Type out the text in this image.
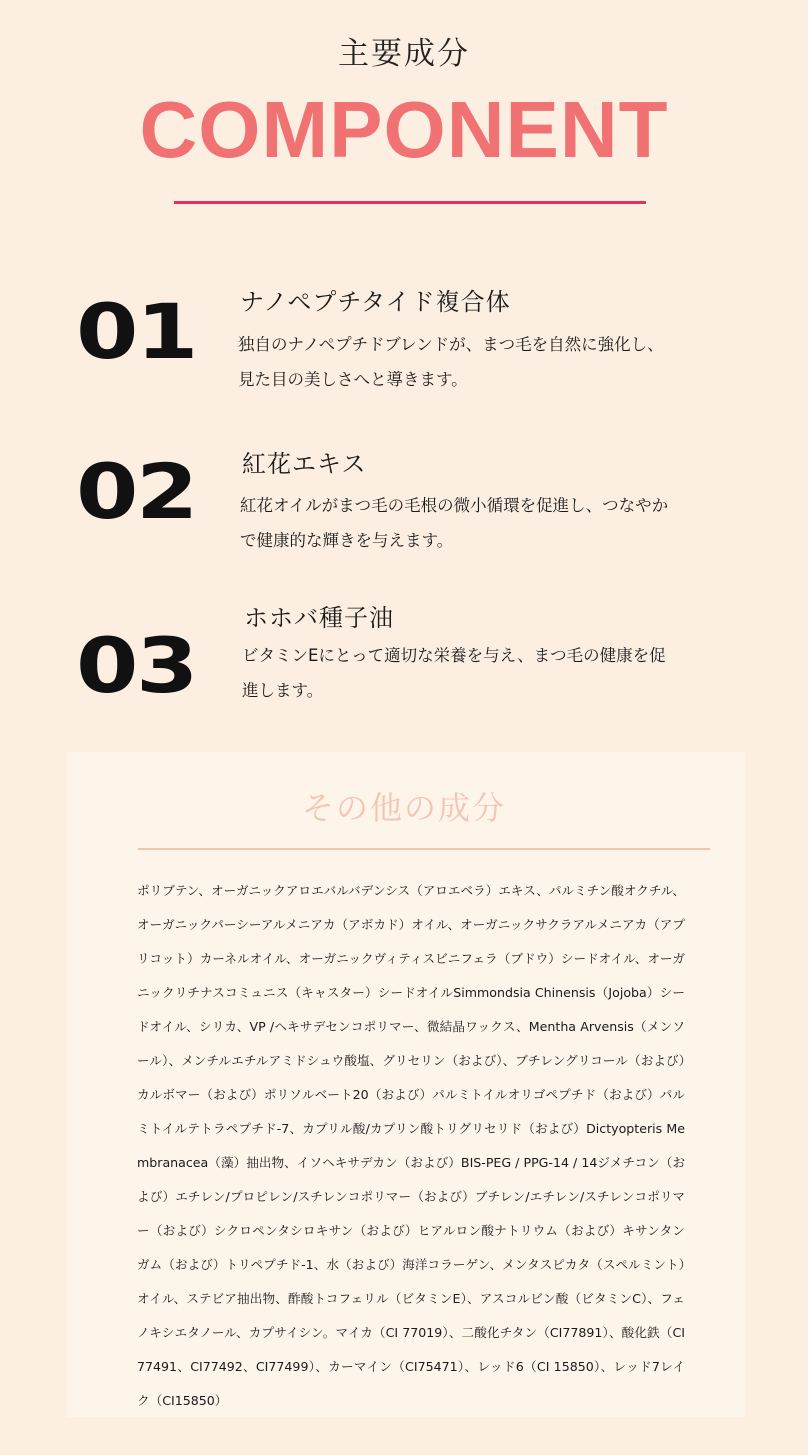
主要成分
COMPONENT
01 ナノペプチタイド複合体
独自のナノペプチドブレンドが、まつ毛を自然に強化し、見た目の美しさへと導きます。
02 紅花エキス
紅花オイルがまつ毛の毛根の微小循環を促進し、つなやかで健康的な輝きを与えます。
03
ホホバ種子油
ビタミンEにとって適切な栄養を与え、まつ毛の健康を促進します。
その他の成分
ポリブテン、オーガニックアロエバルバデンシス（アロエベラ）エキス、パルミチン酸オクチル、オーガニックパーシーアルメニアカ（アボカド）オイル、オーガニックサクラアルメニアカ（アプリコット）カーネルオイル、オーガニックヴィティスビニフェラ（ブドウ）シードオイル、オーガニックリチナスコミュニス（キャスター）シードオイルSimmondsia Chinensis（Jojoba）シードオイル、シリカ、VP /ヘキサデセンコポリマー、微結晶ワックス、Mentha Arvensis（メンソール）、メンチルエチルアミドシュウ酸塩、グリセリン（および）、ブチレングリコール（および）カルボマー（および）ポリソルベート20（および）パルミトイルオリゴペプチド（および）パルミトイルテトラペプチド-7、カプリル酸/カプリン酸トリグリセリド（および）Dictyopteris Membranacea（藻）抽出物、イソヘキサデカン（および）BIS-PEG / PPG-14 / 14ジメチコン（および）エチレン/プロピレン/スチレンコポリマー（および）ブチレン/エチレン/スチレンコポリマー（および）シクロペンタシロキサン（および）ヒアルロン酸ナトリウム（および）キサンタンガム（および）トリペプチド-1、水（および）海洋コラーゲン、メンタスピカタ（スペルミント）オイル、ステビア抽出物、酢酸トコフェリル（ビタミンE）、アスコルビン酸（ビタミンC）、フェノキシエタノール、カプサイシン。マイカ（CI 77019）、二酸化チタン（CI77891）、酸化鉄（CI77491、CI77492、CI77499）、カーマイン（CI75471）、レッド6（CI 15850）、レッド7レイク（CI15850）
